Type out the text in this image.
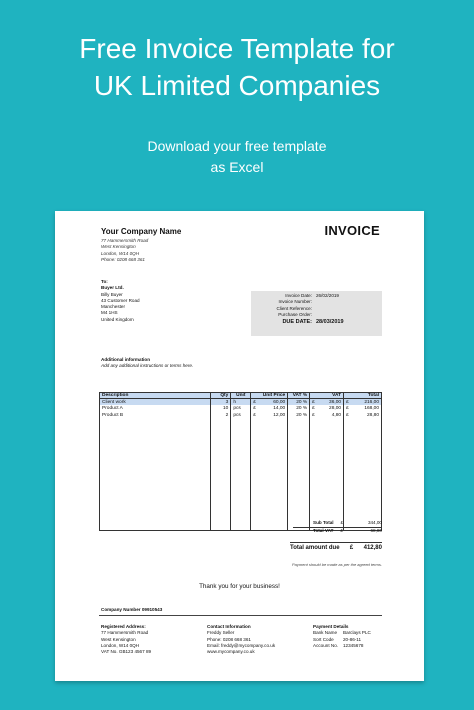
Free Invoice Template for
UK Limited Companies
Download your free template
as Excel
Your Company Name
77 Hammersmith Road
West Kensington
London, W14 0QH
Phone: 0208 668 361
INVOICE
To:
Buyer Ltd.
Billy Buyer
43 Customer Road
Manchester
M4 1HS
United Kingdom
Invoice Date: 26/02/2019
Invoice Number:
Client Reference:
Purchase Order:
DUE DATE: 28/03/2019
Additional information
Add any additional instructions or terms here.
Description	Qty	Unit	Unit Price	VAT %	VAT	Total
Client work	3	h	£ 60,00	20 %	£ 36,00	£ 216,00

Product A	10	pcs	£ 14,00	20 %	£ 28,00	£ 168,00

Product B	2	pcs	£ 12,00	20 %	£ 4,80	£ 28,80

Sub Total £	344,00
Total VAT £	68,80
Total amount due £ 412,80
Payment should be made as per the agreed terms.
Thank you for your business!
Company Number 09910543
Registered Address:
77 Hammersmith Road
West Kensington
London, W14 0QH
VAT No. GB123 4567 89
Contact Information
Freddy Seller
Phone: 0208 668 361
Email: freddy@mycompany.co.uk
www.mycompany.co.uk
Payment Details
Bank Name	Barclays PLC
Sort Code	20-86-11
Account No.	12345678
